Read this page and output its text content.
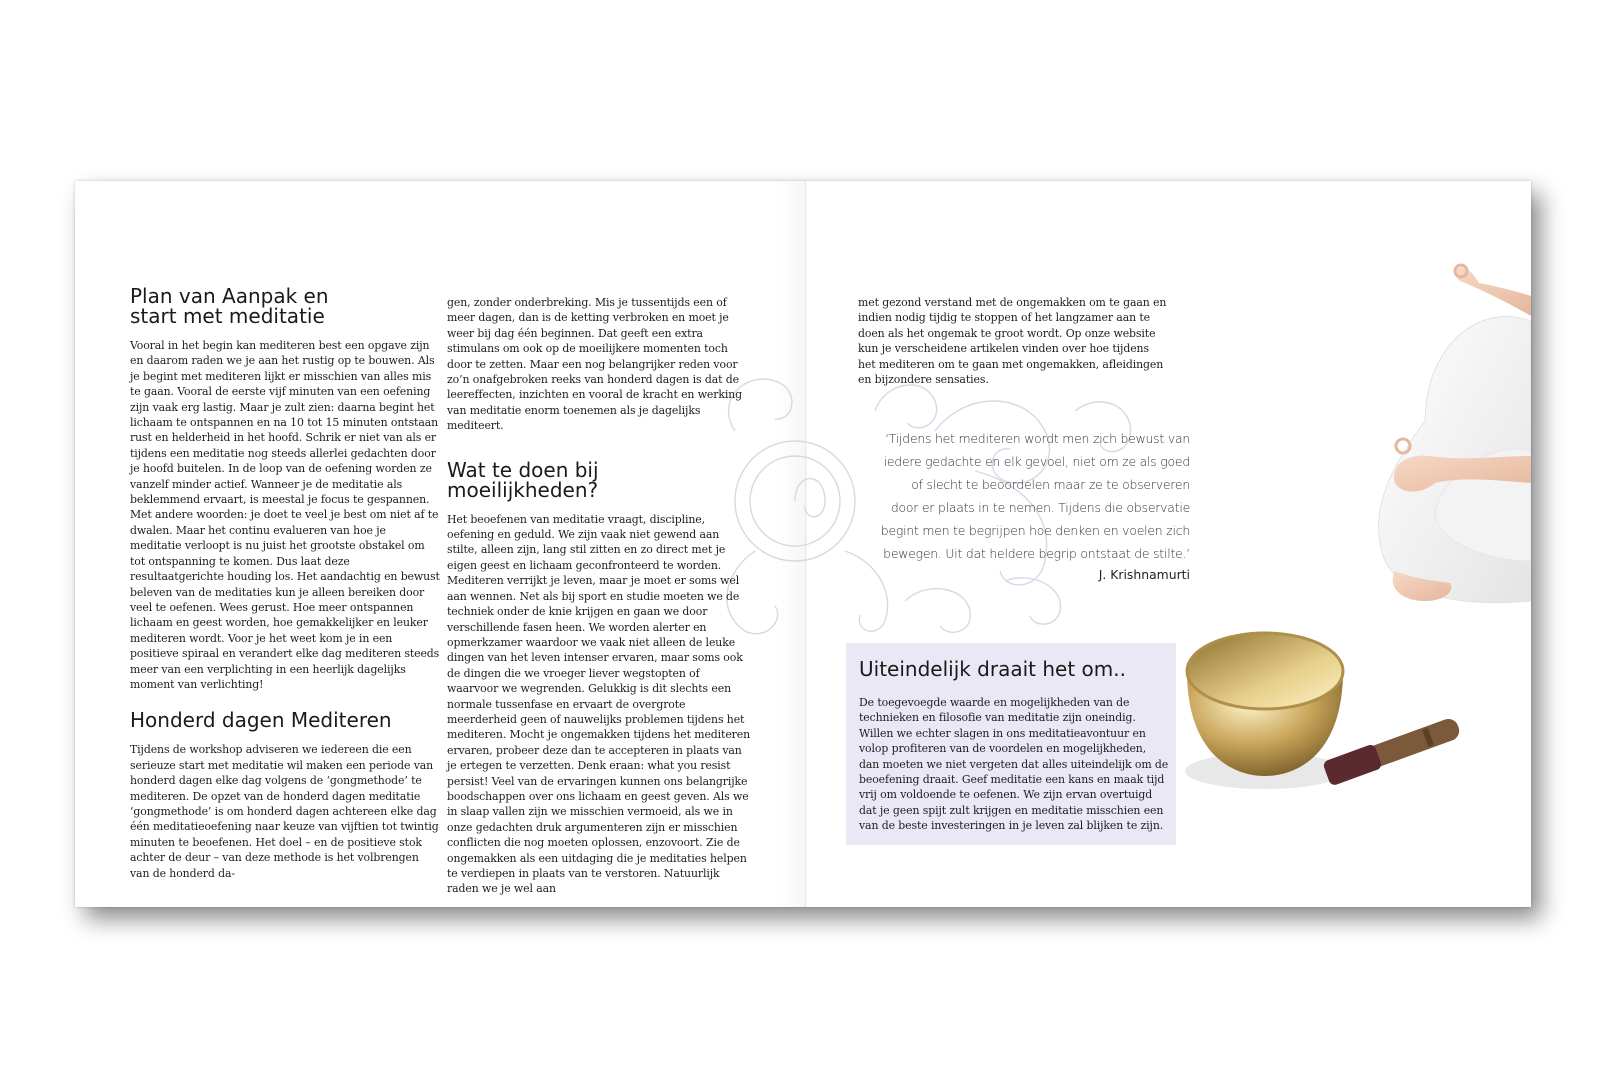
Plan van Aanpak en
start met meditatie

Vooral in het begin kan mediteren best een opgave zijn en daarom raden we je aan het rustig op te bouwen. Als je begint met mediteren lijkt er misschien van alles mis te gaan. Vooral de eerste vijf minuten van een oefening zijn vaak erg lastig. Maar je zult zien: daarna begint het lichaam te ontspannen en na 10 tot 15 minuten ontstaan rust en helderheid in het hoofd. Schrik er niet van als er tijdens een meditatie nog steeds allerlei gedachten door je hoofd buitelen. In de loop van de oefening worden ze vanzelf minder actief. Wanneer je de meditatie als beklemmend ervaart, is meestal je focus te gespannen. Met andere woorden: je doet te veel je best om niet af te dwalen. Maar het continu evalueren van hoe je meditatie verloopt is nu juist het grootste obstakel om tot ontspanning te komen. Dus laat deze resultaatgerichte houding los. Het aandachtig en bewust beleven van de meditaties kun je alleen bereiken door veel te oefenen. Wees gerust. Hoe meer ontspannen lichaam en geest worden, hoe gemakkelijker en leuker mediteren wordt. Voor je het weet kom je in een positieve spiraal en verandert elke dag mediteren steeds meer van een verplichting in een heerlijk dagelijks moment van verlichting!

Honderd dagen Mediteren

Tijdens de workshop adviseren we iedereen die een serieuze start met meditatie wil maken een periode van honderd dagen elke dag volgens de ‘gongmethode’ te mediteren. De opzet van de honderd dagen meditatie ‘gongmethode’ is om honderd dagen achtereen elke dag één meditatieoefening naar keuze van vijftien tot twintig minuten te beoefenen. Het doel – en de positieve stok achter de deur – van deze methode is het volbrengen van de honderd da-

gen, zonder onderbreking. Mis je tussentijds een of meer dagen, dan is de ketting verbroken en moet je weer bij dag één beginnen. Dat geeft een extra stimulans om ook op de moeilijkere momenten toch door te zetten. Maar een nog belangrijker reden voor zo’n onafgebroken reeks van honderd dagen is dat de leereffecten, inzichten en vooral de kracht en werking van meditatie enorm toenemen als je dagelijks mediteert.

Wat te doen bij
moeilijkheden?

Het beoefenen van meditatie vraagt, discipline, oefening en geduld. We zijn vaak niet gewend aan stilte, alleen zijn, lang stil zitten en zo direct met je eigen geest en lichaam geconfronteerd te worden. Mediteren verrijkt je leven, maar je moet er soms wel aan wennen. Net als bij sport en studie moeten we de techniek onder de knie krijgen en gaan we door verschillende fasen heen. We worden alerter en opmerkzamer waardoor we vaak niet alleen de leuke dingen van het leven intenser ervaren, maar soms ook de dingen die we vroeger liever wegstopten of waarvoor we wegrenden. Gelukkig is dit slechts een normale tussenfase en ervaart de overgrote meerderheid geen of nauwelijks problemen tijdens het mediteren. Mocht je ongemakken tijdens het mediteren ervaren, probeer deze dan te accepteren in plaats van je ertegen te verzetten. Denk eraan: what you resist persist! Veel van de ervaringen kunnen ons belangrijke boodschappen over ons lichaam en geest geven. Als we in slaap vallen zijn we misschien vermoeid, als we in onze gedachten druk argumenteren zijn er misschien conflicten die nog moeten oplossen, enzovoort. Zie de ongemakken als een uitdaging die je meditaties helpen te verdiepen in plaats van te verstoren. Natuurlijk raden we je wel aan

met gezond verstand met de ongemakken om te gaan en indien nodig tijdig te stoppen of het langzamer aan te doen als het ongemak te groot wordt. Op onze website kun je verscheidene artikelen vinden over hoe tijdens het mediteren om te gaan met ongemakken, afleidingen en bijzondere sensaties.

‘Tijdens het mediteren wordt men zich bewust van
iedere gedachte en elk gevoel, niet om ze als goed
of slecht te beoordelen maar ze te observeren
door er plaats in te nemen. Tijdens die observatie
begint men te begrijpen hoe denken en voelen zich
bewegen. Uit dat heldere begrip ontstaat de stilte.’
J. Krishnamurti
Uiteindelijk draait het om..

De toegevoegde waarde en mogelijkheden van de technieken en filosofie van meditatie zijn oneindig. Willen we echter slagen in ons meditatieavontuur en volop profiteren van de voordelen en mogelijkheden, dan moeten we niet vergeten dat alles uiteindelijk om de beoefening draait. Geef meditatie een kans en maak tijd vrij om voldoende te oefenen. We zijn ervan overtuigd dat je geen spijt zult krijgen en meditatie misschien een van de beste investeringen in je leven zal blijken te zijn.
